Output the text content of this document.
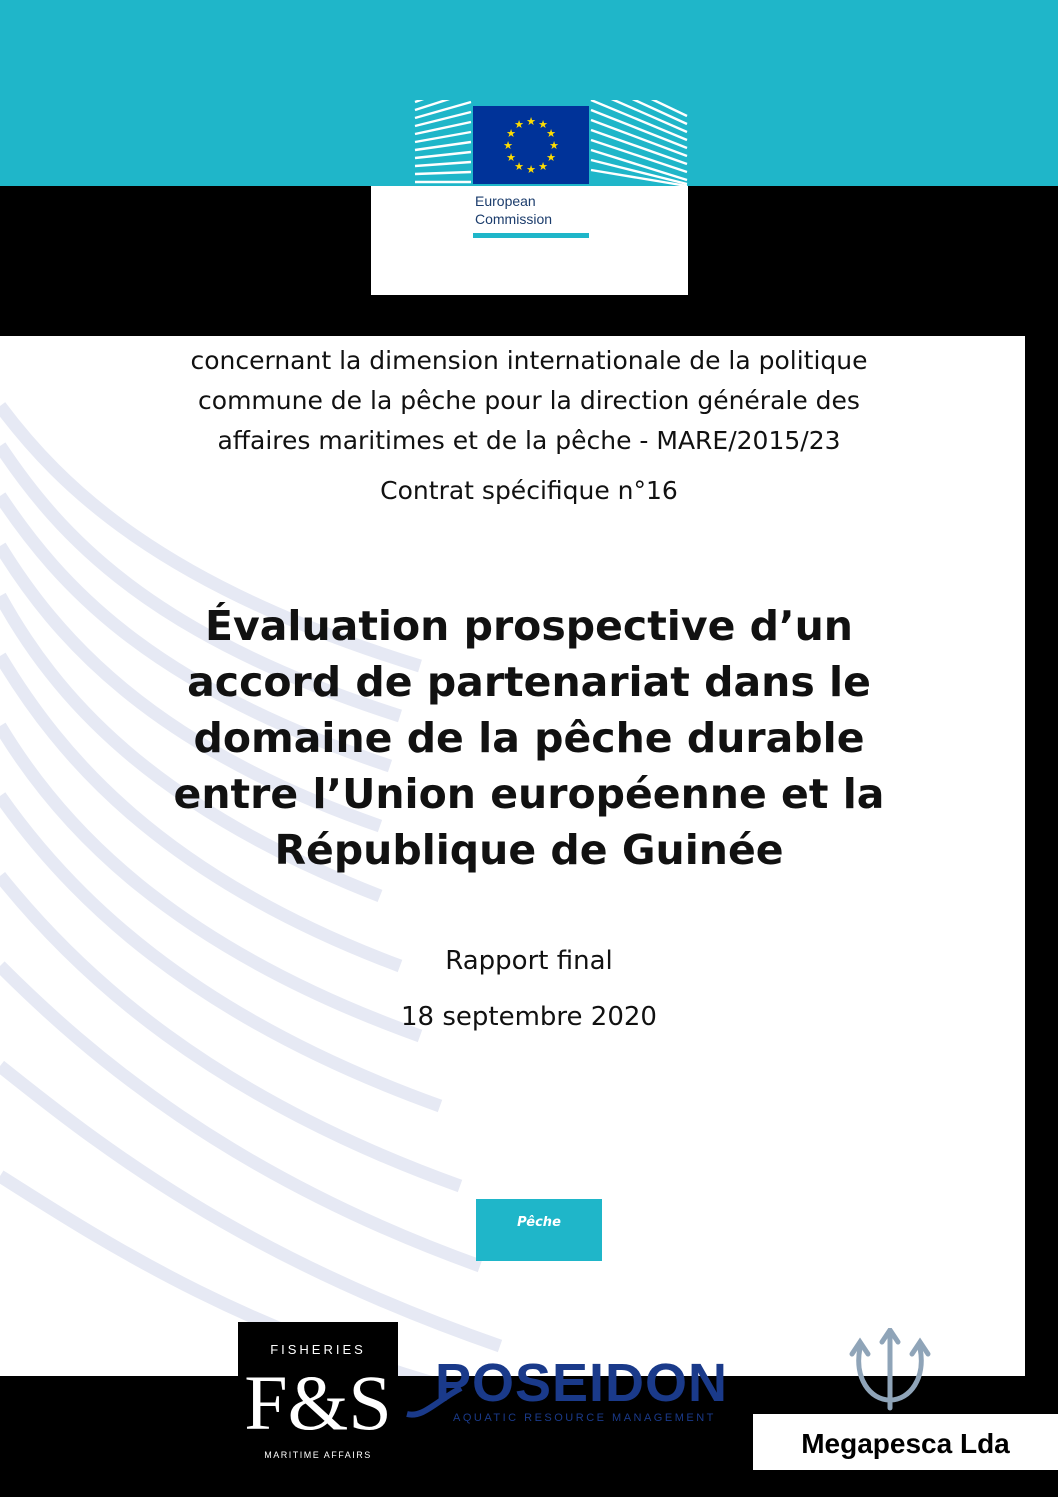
★ ★
★
★
★
★
★
★
★
★
★
★
European
Commission
concernant la dimension internationale de la politique
commune de la pêche pour la direction générale des
affaires maritimes et de la pêche - MARE/2015/23
Contrat spécifique n°16
Évaluation prospective d’un
accord de partenariat dans le
domaine de la pêche durable
entre l’Union européenne et la
République de Guinée
Rapport final
18 septembre 2020
Pêche
FISHERIES
F&S
MARITIME AFFAIRS
POSEIDON
AQUATIC RESOURCE MANAGEMENT
Megapesca Lda
